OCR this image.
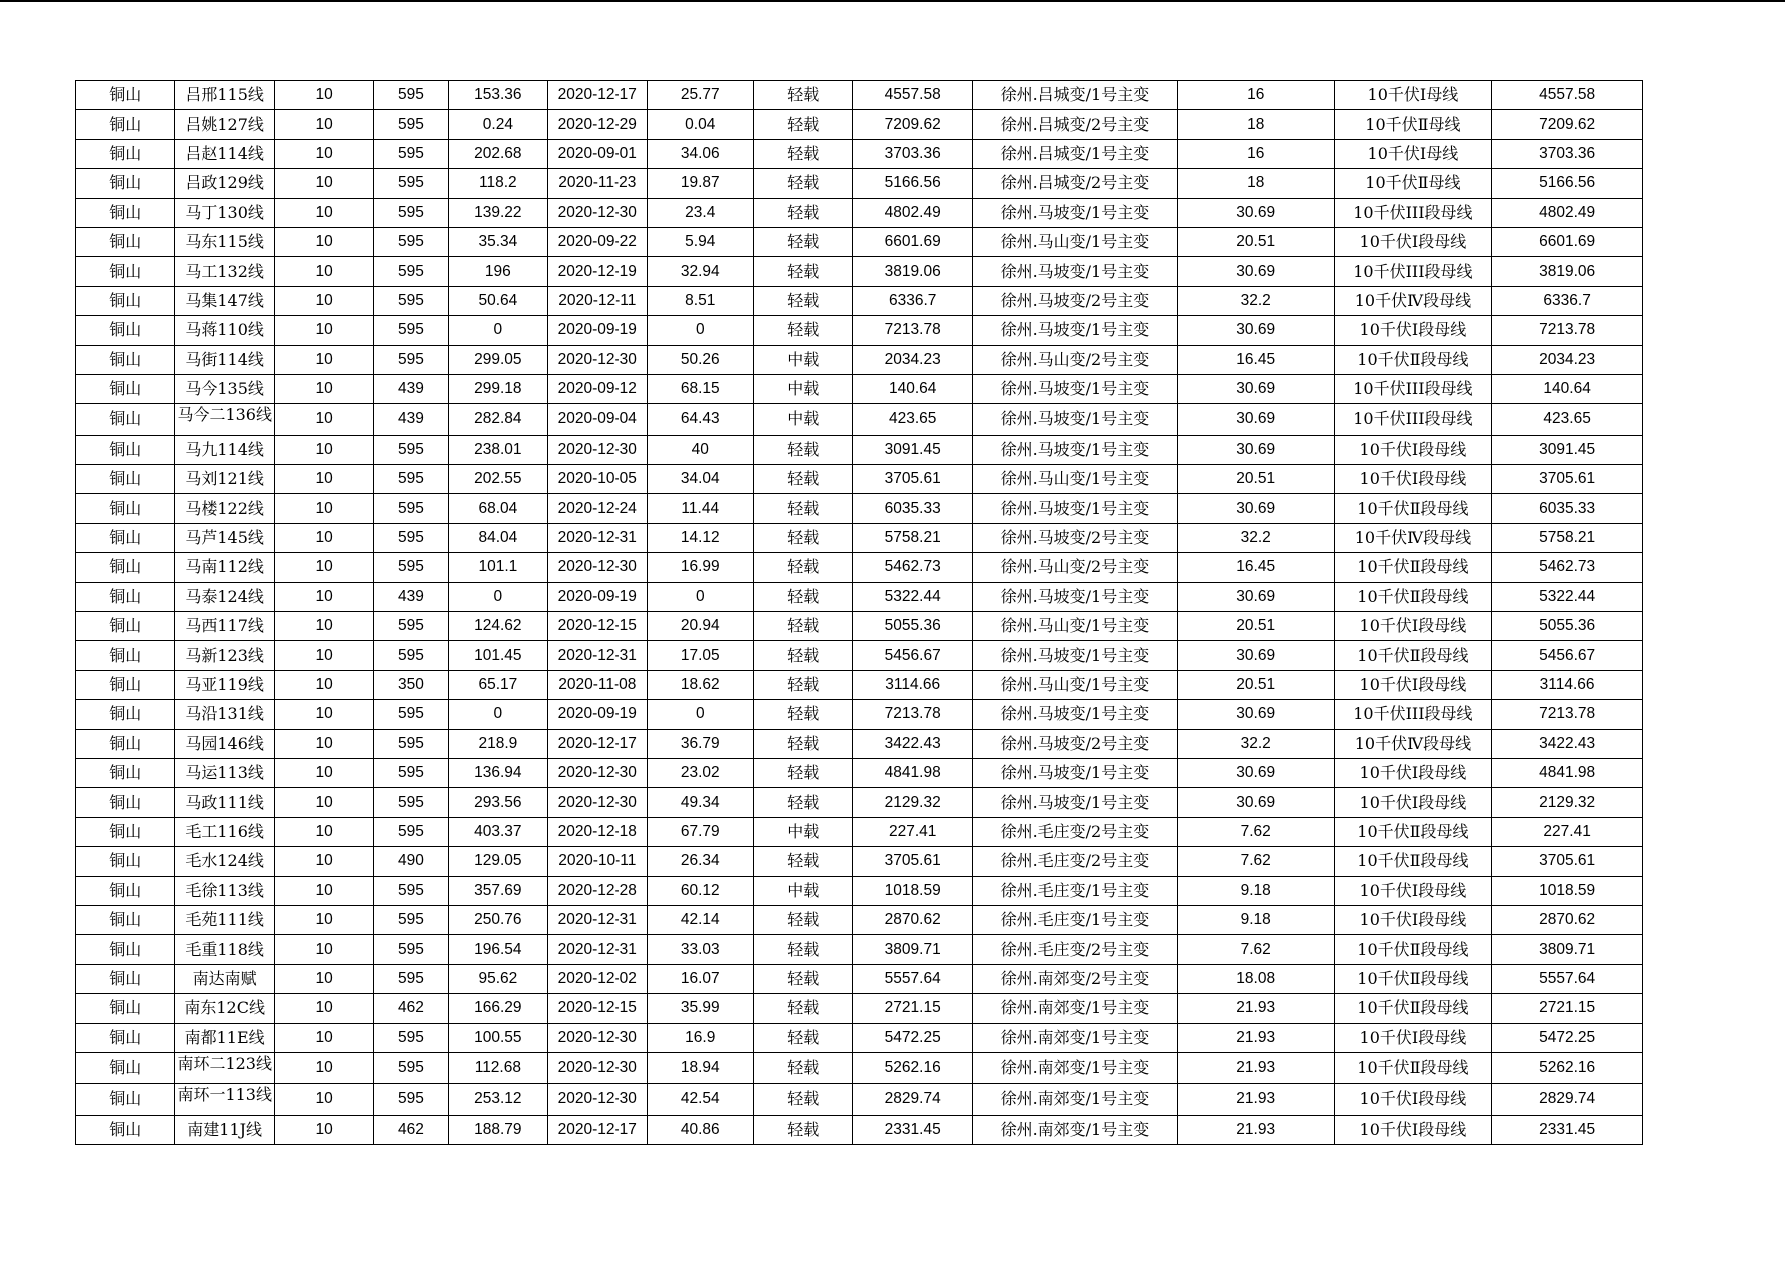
铜山	吕邢115线	10	595	153.36	2020-12-17	25.77	轻载	4557.58	徐州.吕城变/1号主变	16	10千伏Ⅰ母线	4557.58
铜山	吕姚127线	10	595	0.24	2020-12-29	0.04	轻载	7209.62	徐州.吕城变/2号主变	18	10千伏Ⅱ母线	7209.62
铜山	吕赵114线	10	595	202.68	2020-09-01	34.06	轻载	3703.36	徐州.吕城变/1号主变	16	10千伏Ⅰ母线	3703.36
铜山	吕政129线	10	595	118.2	2020-11-23	19.87	轻载	5166.56	徐州.吕城变/2号主变	18	10千伏Ⅱ母线	5166.56
铜山	马丁130线	10	595	139.22	2020-12-30	23.4	轻载	4802.49	徐州.马坡变/1号主变	30.69	10千伏III段母线	4802.49
铜山	马东115线	10	595	35.34	2020-09-22	5.94	轻载	6601.69	徐州.马山变/1号主变	20.51	10千伏Ⅰ段母线	6601.69
铜山	马工132线	10	595	196	2020-12-19	32.94	轻载	3819.06	徐州.马坡变/1号主变	30.69	10千伏III段母线	3819.06
铜山	马集147线	10	595	50.64	2020-12-11	8.51	轻载	6336.7	徐州.马坡变/2号主变	32.2	10千伏Ⅳ段母线	6336.7
铜山	马蒋110线	10	595	0	2020-09-19	0	轻载	7213.78	徐州.马坡变/1号主变	30.69	10千伏Ⅰ段母线	7213.78
铜山	马街114线	10	595	299.05	2020-12-30	50.26	中载	2034.23	徐州.马山变/2号主变	16.45	10千伏Ⅱ段母线	2034.23
铜山	马今135线	10	439	299.18	2020-09-12	68.15	中载	140.64	徐州.马坡变/1号主变	30.69	10千伏III段母线	140.64
铜山	马今二136线	10	439	282.84	2020-09-04	64.43	中载	423.65	徐州.马坡变/1号主变	30.69	10千伏III段母线	423.65
铜山	马九114线	10	595	238.01	2020-12-30	40	轻载	3091.45	徐州.马坡变/1号主变	30.69	10千伏Ⅰ段母线	3091.45
铜山	马刘121线	10	595	202.55	2020-10-05	34.04	轻载	3705.61	徐州.马山变/1号主变	20.51	10千伏Ⅰ段母线	3705.61
铜山	马楼122线	10	595	68.04	2020-12-24	11.44	轻载	6035.33	徐州.马坡变/1号主变	30.69	10千伏Ⅱ段母线	6035.33
铜山	马芦145线	10	595	84.04	2020-12-31	14.12	轻载	5758.21	徐州.马坡变/2号主变	32.2	10千伏Ⅳ段母线	5758.21
铜山	马南112线	10	595	101.1	2020-12-30	16.99	轻载	5462.73	徐州.马山变/2号主变	16.45	10千伏Ⅱ段母线	5462.73
铜山	马泰124线	10	439	0	2020-09-19	0	轻载	5322.44	徐州.马坡变/1号主变	30.69	10千伏Ⅱ段母线	5322.44
铜山	马西117线	10	595	124.62	2020-12-15	20.94	轻载	5055.36	徐州.马山变/1号主变	20.51	10千伏Ⅰ段母线	5055.36
铜山	马新123线	10	595	101.45	2020-12-31	17.05	轻载	5456.67	徐州.马坡变/1号主变	30.69	10千伏Ⅱ段母线	5456.67
铜山	马亚119线	10	350	65.17	2020-11-08	18.62	轻载	3114.66	徐州.马山变/1号主变	20.51	10千伏Ⅰ段母线	3114.66
铜山	马沿131线	10	595	0	2020-09-19	0	轻载	7213.78	徐州.马坡变/1号主变	30.69	10千伏III段母线	7213.78
铜山	马园146线	10	595	218.9	2020-12-17	36.79	轻载	3422.43	徐州.马坡变/2号主变	32.2	10千伏Ⅳ段母线	3422.43
铜山	马运113线	10	595	136.94	2020-12-30	23.02	轻载	4841.98	徐州.马坡变/1号主变	30.69	10千伏Ⅰ段母线	4841.98
铜山	马政111线	10	595	293.56	2020-12-30	49.34	轻载	2129.32	徐州.马坡变/1号主变	30.69	10千伏Ⅰ段母线	2129.32
铜山	毛工116线	10	595	403.37	2020-12-18	67.79	中载	227.41	徐州.毛庄变/2号主变	7.62	10千伏Ⅱ段母线	227.41
铜山	毛水124线	10	490	129.05	2020-10-11	26.34	轻载	3705.61	徐州.毛庄变/2号主变	7.62	10千伏Ⅱ段母线	3705.61
铜山	毛徐113线	10	595	357.69	2020-12-28	60.12	中载	1018.59	徐州.毛庄变/1号主变	9.18	10千伏Ⅰ段母线	1018.59
铜山	毛苑111线	10	595	250.76	2020-12-31	42.14	轻载	2870.62	徐州.毛庄变/1号主变	9.18	10千伏Ⅰ段母线	2870.62
铜山	毛重118线	10	595	196.54	2020-12-31	33.03	轻载	3809.71	徐州.毛庄变/2号主变	7.62	10千伏Ⅱ段母线	3809.71
铜山	南达南赋	10	595	95.62	2020-12-02	16.07	轻载	5557.64	徐州.南郊变/2号主变	18.08	10千伏Ⅱ段母线	5557.64
铜山	南东12C线	10	462	166.29	2020-12-15	35.99	轻载	2721.15	徐州.南郊变/1号主变	21.93	10千伏Ⅱ段母线	2721.15
铜山	南都11E线	10	595	100.55	2020-12-30	16.9	轻载	5472.25	徐州.南郊变/1号主变	21.93	10千伏Ⅰ段母线	5472.25
铜山	南环二123线	10	595	112.68	2020-12-30	18.94	轻载	5262.16	徐州.南郊变/1号主变	21.93	10千伏Ⅱ段母线	5262.16
铜山	南环一113线	10	595	253.12	2020-12-30	42.54	轻载	2829.74	徐州.南郊变/1号主变	21.93	10千伏Ⅰ段母线	2829.74
铜山	南建11J线	10	462	188.79	2020-12-17	40.86	轻载	2331.45	徐州.南郊变/1号主变	21.93	10千伏Ⅰ段母线	2331.45
